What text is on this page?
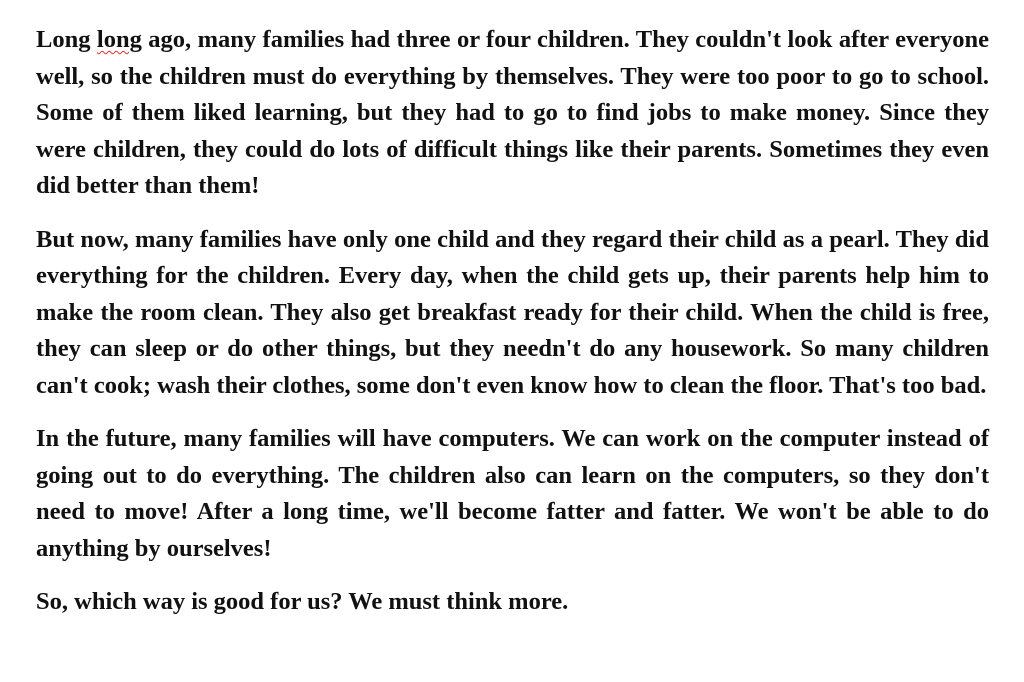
Long long ago, many families had three or four children. They couldn't look after everyone well, so the children must do everything by themselves. They were too poor to go to school. Some of them liked learning, but they had to go to find jobs to make money. Since they were children, they could do lots of difficult things like their parents. Sometimes they even did better than them!

But now, many families have only one child and they regard their child as a pearl. They did everything for the children. Every day, when the child gets up, their parents help him to make the room clean. They also get breakfast ready for their child. When the child is free, they can sleep or do other things, but they needn't do any housework. So many children can't cook; wash their clothes, some don't even know how to clean the floor. That's too bad.

In the future, many families will have computers. We can work on the computer instead of going out to do everything. The children also can learn on the computers, so they don't need to move! After a long time, we'll become fatter and fatter. We won't be able to do anything by ourselves!

So, which way is good for us? We must think more.
